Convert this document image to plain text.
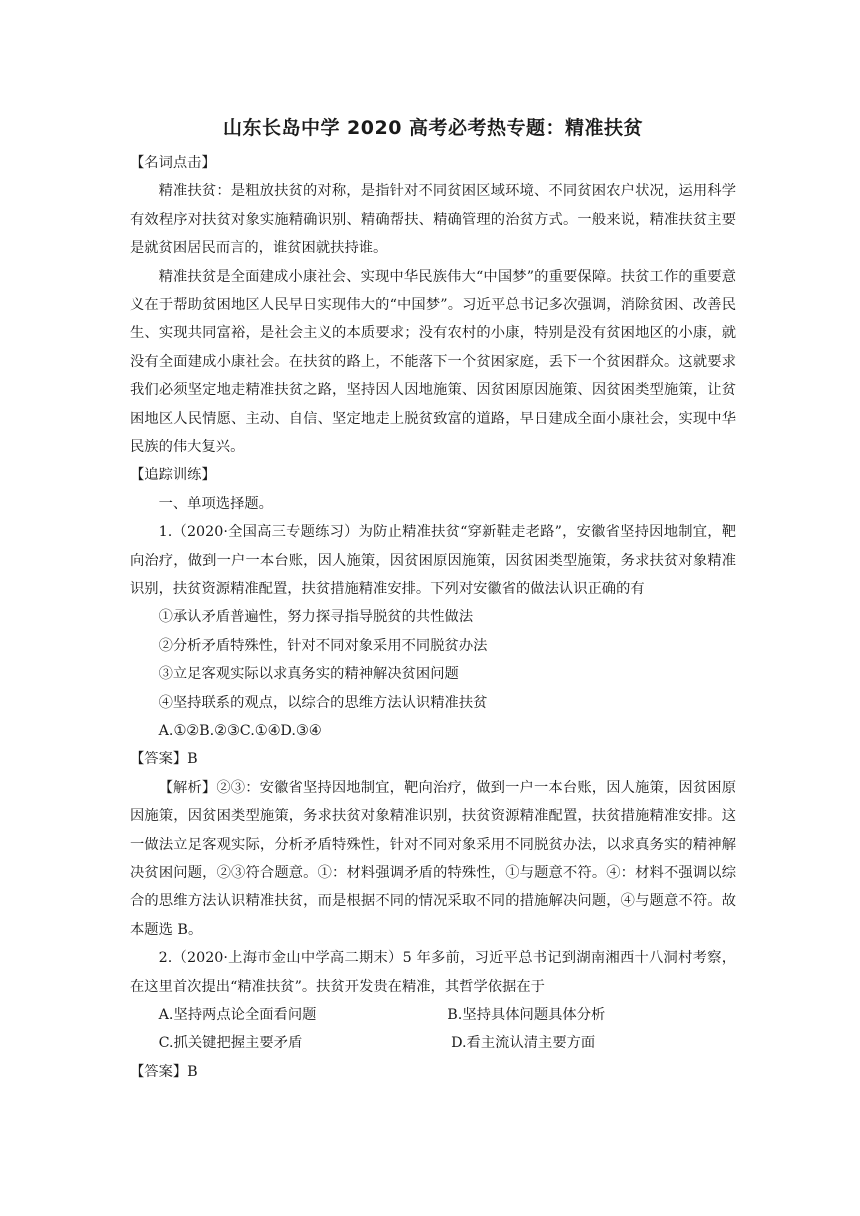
山东长岛中学 2020 高考必考热专题：精准扶贫
【名词点击】
精准扶贫：是粗放扶贫的对称，是指针对不同贫困区域环境、不同贫困农户状况，运用科学有效程序对扶贫对象实施精确识别、精确帮扶、精确管理的治贫方式。一般来说，精准扶贫主要是就贫困居民而言的，谁贫困就扶持谁。
精准扶贫是全面建成小康社会、实现中华民族伟大“中国梦”的重要保障。扶贫工作的重要意义在于帮助贫困地区人民早日实现伟大的“中国梦”。习近平总书记多次强调，消除贫困、改善民生、实现共同富裕，是社会主义的本质要求；没有农村的小康，特别是没有贫困地区的小康，就没有全面建成小康社会。在扶贫的路上，不能落下一个贫困家庭，丢下一个贫困群众。这就要求我们必须坚定地走精准扶贫之路，坚持因人因地施策、因贫困原因施策、因贫困类型施策，让贫困地区人民情愿、主动、自信、坚定地走上脱贫致富的道路，早日建成全面小康社会，实现中华民族的伟大复兴。
【追踪训练】
一、单项选择题。
1.（2020·全国高三专题练习）为防止精准扶贫“穿新鞋走老路”，安徽省坚持因地制宜，靶向治疗，做到一户一本台账，因人施策，因贫困原因施策，因贫困类型施策，务求扶贫对象精准识别，扶贫资源精准配置，扶贫措施精准安排。下列对安徽省的做法认识正确的有
①承认矛盾普遍性，努力探寻指导脱贫的共性做法
②分析矛盾特殊性，针对不同对象采用不同脱贫办法
③立足客观实际以求真务实的精神解决贫困问题
④坚持联系的观点，以综合的思维方法认识精准扶贫
A.①②B.②③C.①④D.③④
【答案】B
【解析】②③：安徽省坚持因地制宜，靶向治疗，做到一户一本台账，因人施策，因贫困原因施策，因贫困类型施策，务求扶贫对象精准识别，扶贫资源精准配置，扶贫措施精准安排。这一做法立足客观实际，分析矛盾特殊性，针对不同对象采用不同脱贫办法，以求真务实的精神解决贫困问题，②③符合题意。①：材料强调矛盾的特殊性，①与题意不符。④：材料不强调以综合的思维方法认识精准扶贫，而是根据不同的情况采取不同的措施解决问题，④与题意不符。故本题选 B。
2.（2020·上海市金山中学高二期末）5 年多前，习近平总书记到湖南湘西十八洞村考察，在这里首次提出“精准扶贫”。扶贫开发贵在精准，其哲学依据在于
A.坚持两点论全面看问题	B.坚持具体问题具体分析
C.抓关键把握主要矛盾	D.看主流认清主要方面
【答案】B
